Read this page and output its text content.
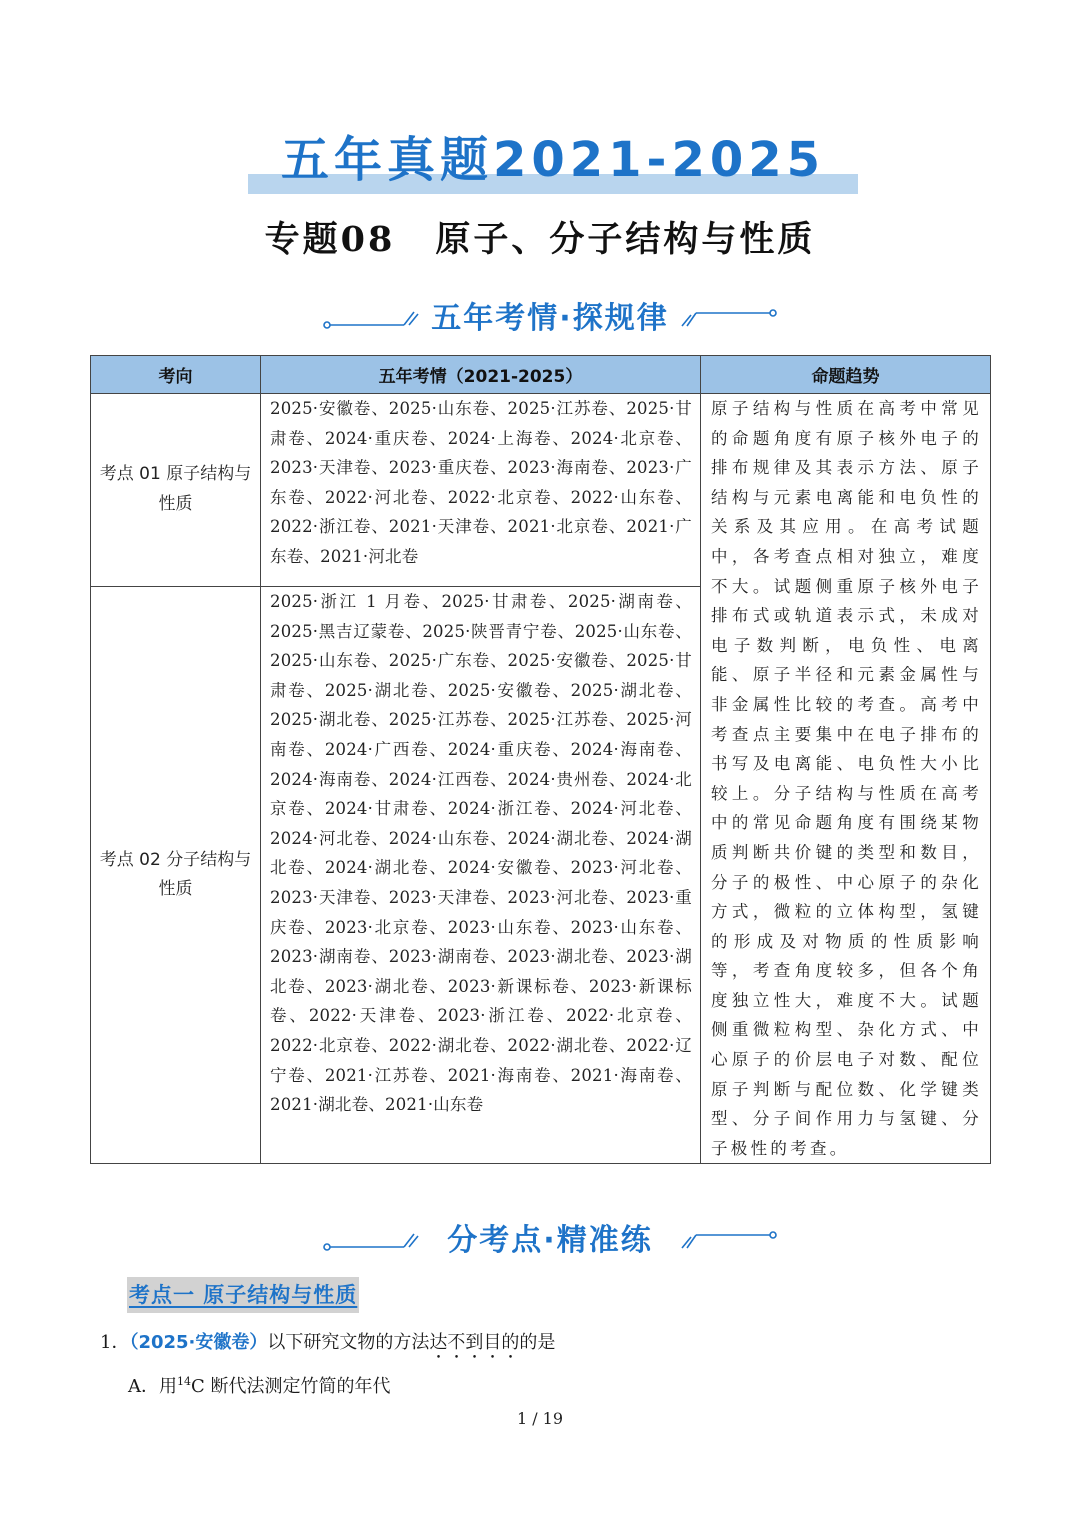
五年真题2021-2025
专题08 原子、分子结构与性质
五年考情·探规律
考向	五年考情（2021-2025）	命题趋势
考点 01 原子结构与性质	2025·安徽卷、2025·山东卷、2025·江苏卷、2025·甘肃卷、2024·重庆卷、2024·上海卷、2024·北京卷、2023·天津卷、2023·重庆卷、2023·海南卷、2023·广东卷、2022·河北卷、2022·北京卷、2022·山东卷、2022·浙江卷、2021·天津卷、2021·北京卷、2021·广东卷、2021·河北卷	原子结构与性质在高考中常见的命题角度有原子核外电子的排布规律及其表示方法、原子结构与元素电离能和电负性的关系及其应用。在高考试题中，各考查点相对独立，难度不大。试题侧重原子核外电子排布式或轨道表示式，未成对电子数判断，电负性、电离能、原子半径和元素金属性与非金属性比较的考查。高考中考查点主要集中在电子排布的书写及电离能、电负性大小比较上。分子结构与性质在高考中的常见命题角度有围绕某物质判断共价键的类型和数目，分子的极性、中心原子的杂化方式，微粒的立体构型，氢键的形成及对物质的性质影响等，考查角度较多，但各个角度独立性大，难度不大。试题侧重微粒构型、杂化方式、中心原子的价层电子对数、配位原子判断与配位数、化学键类型、分子间作用力与氢键、分子极性的考查。
考点 02 分子结构与性质	2025·浙江 1 月卷、2025·甘肃卷、2025·湖南卷、2025·黑吉辽蒙卷、2025·陕晋青宁卷、2025·山东卷、2025·山东卷、2025·广东卷、2025·安徽卷、2025·甘肃卷、2025·湖北卷、2025·安徽卷、2025·湖北卷、2025·湖北卷、2025·江苏卷、2025·江苏卷、2025·河南卷、2024·广西卷、2024·重庆卷、2024·海南卷、2024·海南卷、2024·江西卷、2024·贵州卷、2024·北京卷、2024·甘肃卷、2024·浙江卷、2024·河北卷、2024·河北卷、2024·山东卷、2024·湖北卷、2024·湖北卷、2024·湖北卷、2024·安徽卷、2023·河北卷、2023·天津卷、2023·天津卷、2023·河北卷、2023·重庆卷、2023·北京卷、2023·山东卷、2023·山东卷、2023·湖南卷、2023·湖南卷、2023·湖北卷、2023·湖北卷、2023·湖北卷、2023·新课标卷、2023·新课标卷、2022·天津卷、2023·浙江卷、2022·北京卷、2022·北京卷、2022·湖北卷、2022·湖北卷、2022·辽宁卷、2021·江苏卷、2021·海南卷、2021·海南卷、2021·湖北卷、2021·山东卷	
分考点·精准练
考点一 原子结构与性质
1．（2025·安徽卷）以下研究文物的方法达不到目的的是
A．用$^{14}$C 断代法测定竹简的年代
1 / 19
